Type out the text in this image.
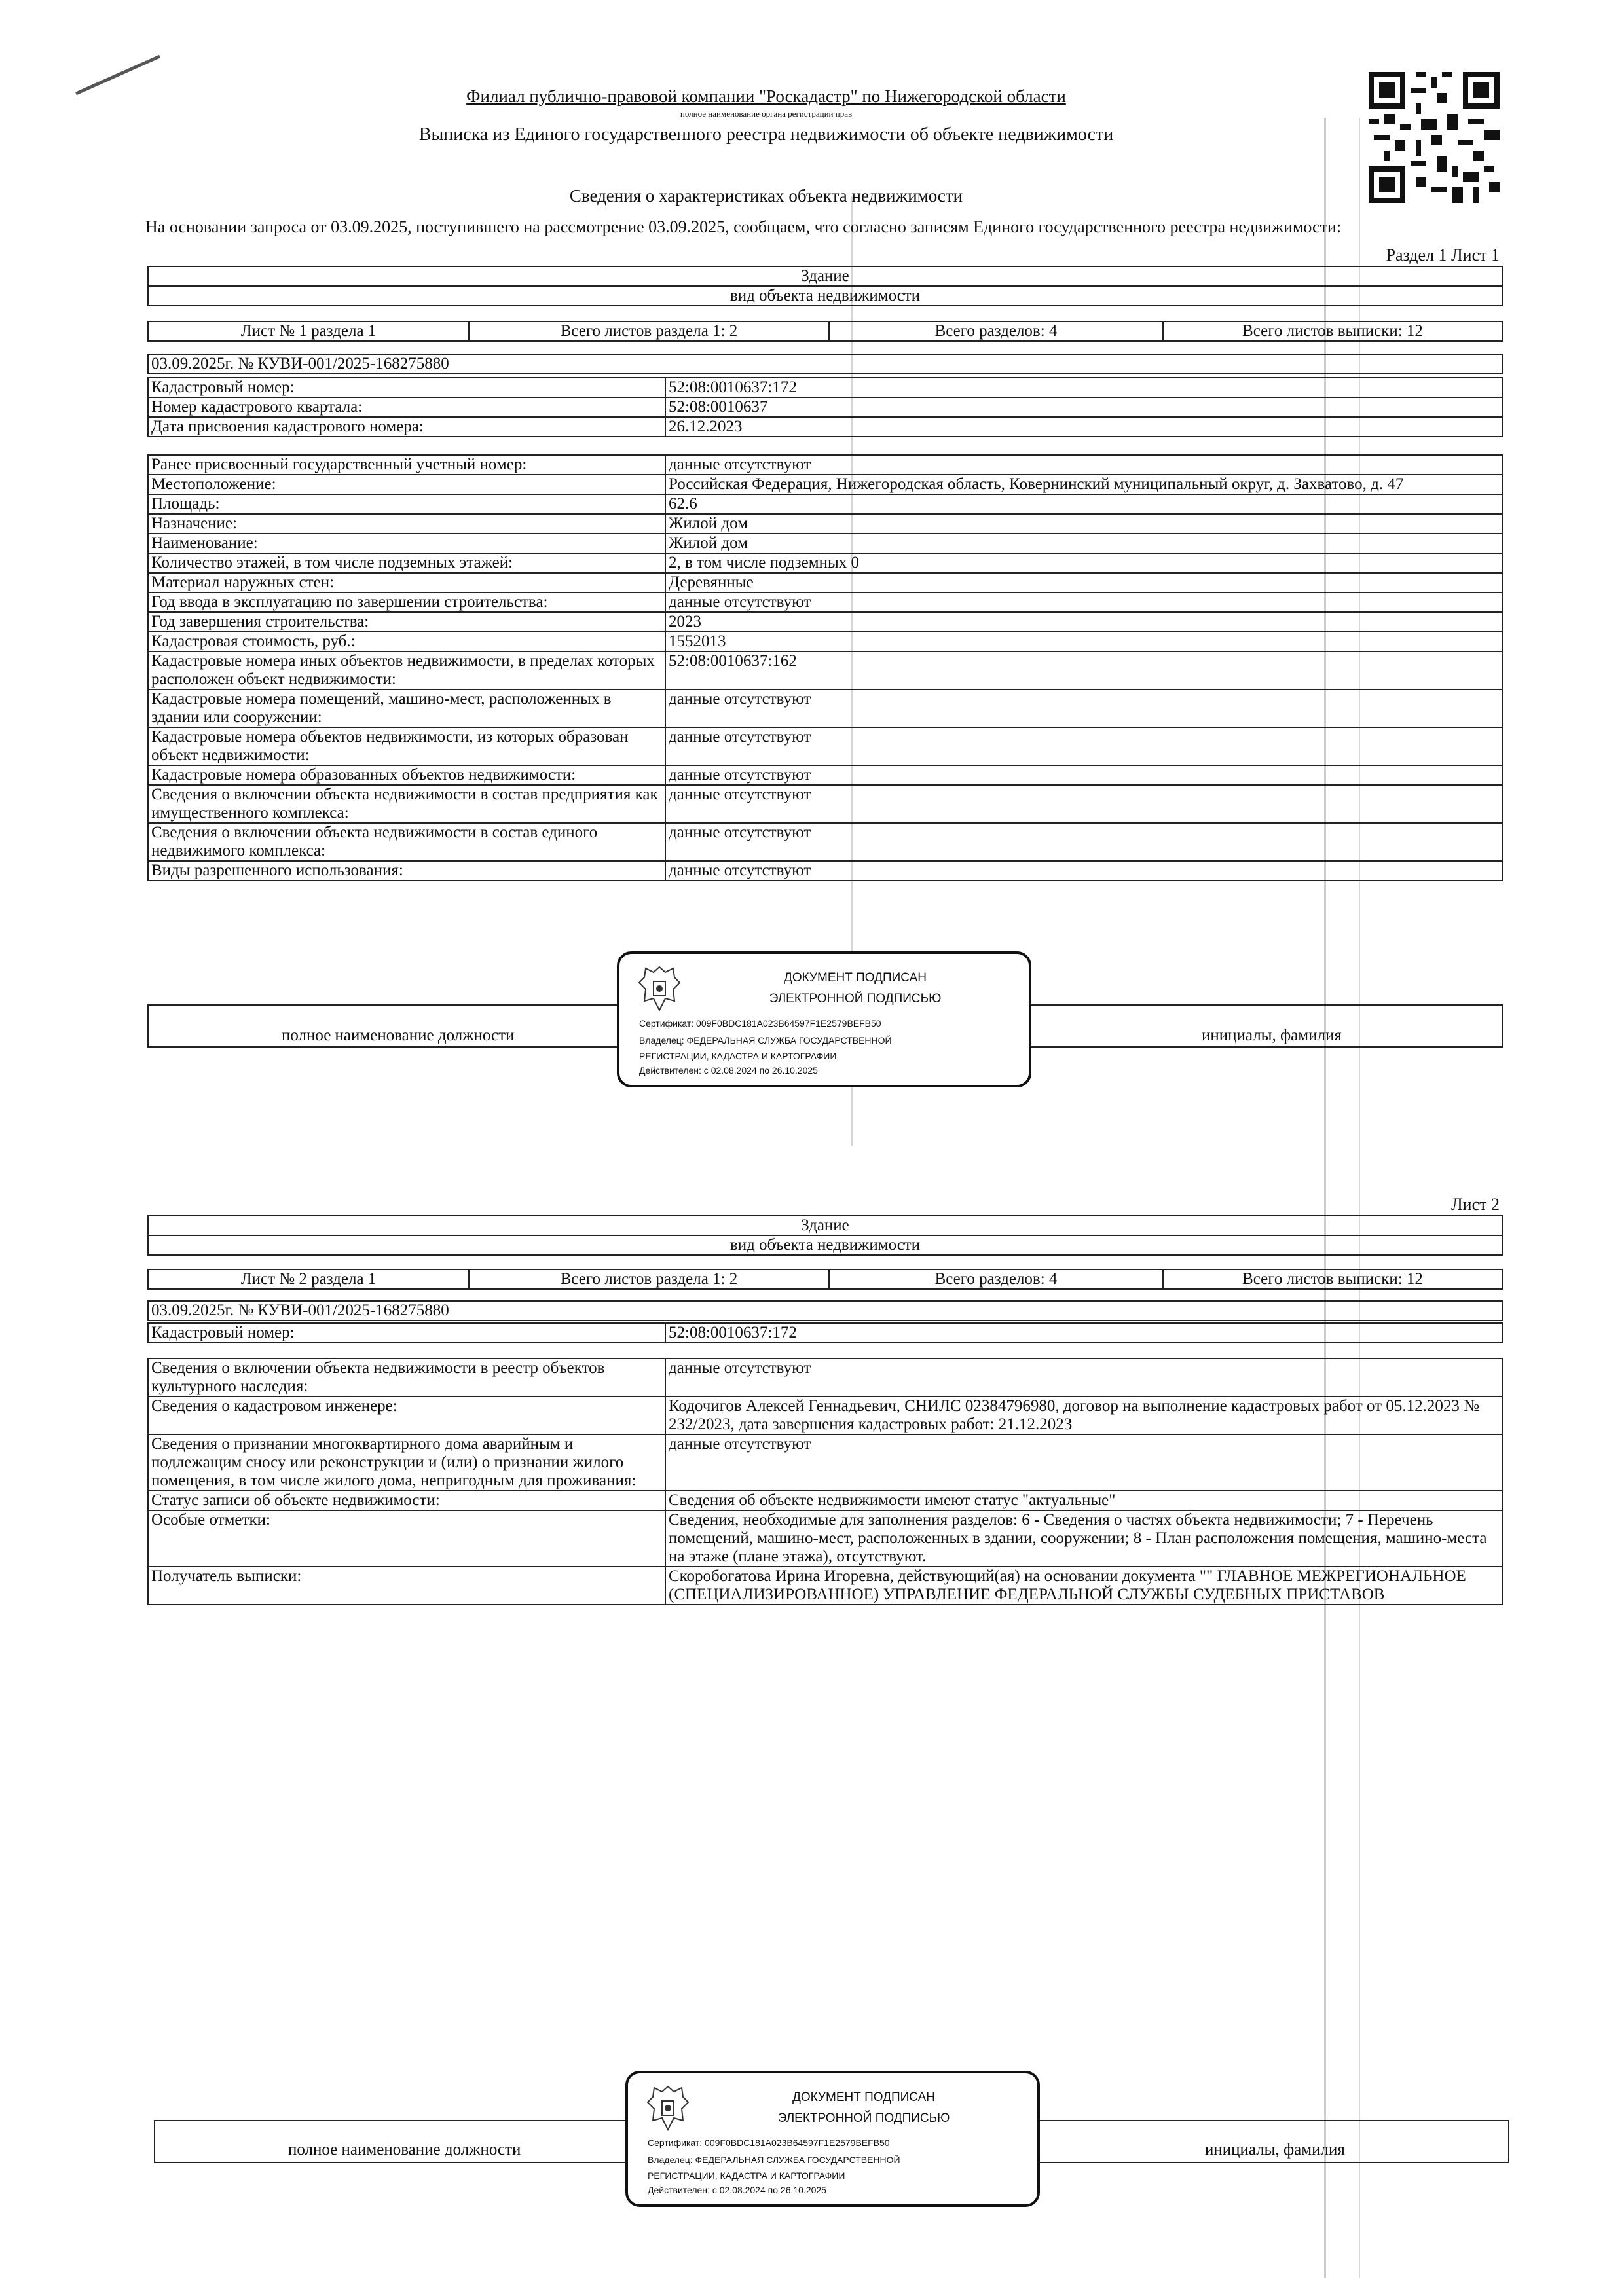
Филиал публично-правовой компании "Роскадастр" по Нижегородской области
полное наименование органа регистрации прав
Выписка из Единого государственного реестра недвижимости об объекте недвижимости
Сведения о характеристиках объекта недвижимости
На основании запроса от 03.09.2025, поступившего на рассмотрение 03.09.2025, сообщаем, что согласно записям Единого государственного реестра недвижимости:
Раздел 1 Лист 1
Здание
вид объекта недвижимости
Лист № 1 раздела 1	Всего листов раздела 1: 2	Всего разделов: 4	Всего листов выписки: 12
03.09.2025г. № КУВИ-001/2025-168275880
Кадастровый номер:	52:08:0010637:172
Номер кадастрового квартала:	52:08:0010637
Дата присвоения кадастрового номера:	26.12.2023
Ранее присвоенный государственный учетный номер:	данные отсутствуют
Местоположение:	Российская Федерация, Нижегородская область, Ковернинский муниципальный округ, д. Захватово, д. 47
Площадь:	62.6
Назначение:	Жилой дом
Наименование:	Жилой дом
Количество этажей, в том числе подземных этажей:	2, в том числе подземных 0
Материал наружных стен:	Деревянные
Год ввода в эксплуатацию по завершении строительства:	данные отсутствуют
Год завершения строительства:	2023
Кадастровая стоимость, руб.:	1552013
Кадастровые номера иных объектов недвижимости, в пределах которых расположен объект недвижимости:	52:08:0010637:162
Кадастровые номера помещений, машино-мест, расположенных в здании или сооружении:	данные отсутствуют
Кадастровые номера объектов недвижимости, из которых образован объект недвижимости:	данные отсутствуют
Кадастровые номера образованных объектов недвижимости:	данные отсутствуют
Сведения о включении объекта недвижимости в состав предприятия как имущественного комплекса:	данные отсутствуют
Сведения о включении объекта недвижимости в состав единого недвижимого комплекса:	данные отсутствуют
Виды разрешенного использования:	данные отсутствуют
полное наименование должности	инициалы, фамилия
ДОКУМЕНТ ПОДПИСАН
ЭЛЕКТРОННОЙ ПОДПИСЬЮ
Сертификат: 009F0BDC181A023B64597F1E2579BEFB50
Владелец: ФЕДЕРАЛЬНАЯ СЛУЖБА ГОСУДАРСТВЕННОЙ
РЕГИСТРАЦИИ, КАДАСТРА И КАРТОГРАФИИ
Действителен: с 02.08.2024 по 26.10.2025
Лист 2
Здание
вид объекта недвижимости
Лист № 2 раздела 1	Всего листов раздела 1: 2	Всего разделов: 4	Всего листов выписки: 12
03.09.2025г. № КУВИ-001/2025-168275880
Кадастровый номер:	52:08:0010637:172
Сведения о включении объекта недвижимости в реестр объектов культурного наследия:	данные отсутствуют
Сведения о кадастровом инженере:	Кодочигов Алексей Геннадьевич, СНИЛС 02384796980, договор на выполнение кадастровых работ от 05.12.2023 № 232/2023, дата завершения кадастровых работ: 21.12.2023
Сведения о признании многоквартирного дома аварийным и подлежащим сносу или реконструкции и (или) о признании жилого помещения, в том числе жилого дома, непригодным для проживания:	данные отсутствуют
Статус записи об объекте недвижимости:	Сведения об объекте недвижимости имеют статус "актуальные"
Особые отметки:	Сведения, необходимые для заполнения разделов: 6 - Сведения о частях объекта недвижимости; 7 - Перечень помещений, машино-мест, расположенных в здании, сооружении; 8 - План расположения помещения, машино-места на этаже (плане этажа), отсутствуют.
Получатель выписки:	Скоробогатова Ирина Игоревна, действующий(ая) на основании документа "" ГЛАВНОЕ МЕЖРЕГИОНАЛЬНОЕ (СПЕЦИАЛИЗИРОВАННОЕ) УПРАВЛЕНИЕ ФЕДЕРАЛЬНОЙ СЛУЖБЫ СУДЕБНЫХ ПРИСТАВОВ
полное наименование должности	инициалы, фамилия
ДОКУМЕНТ ПОДПИСАН
ЭЛЕКТРОННОЙ ПОДПИСЬЮ
Сертификат: 009F0BDC181A023B64597F1E2579BEFB50
Владелец: ФЕДЕРАЛЬНАЯ СЛУЖБА ГОСУДАРСТВЕННОЙ
РЕГИСТРАЦИИ, КАДАСТРА И КАРТОГРАФИИ
Действителен: с 02.08.2024 по 26.10.2025
